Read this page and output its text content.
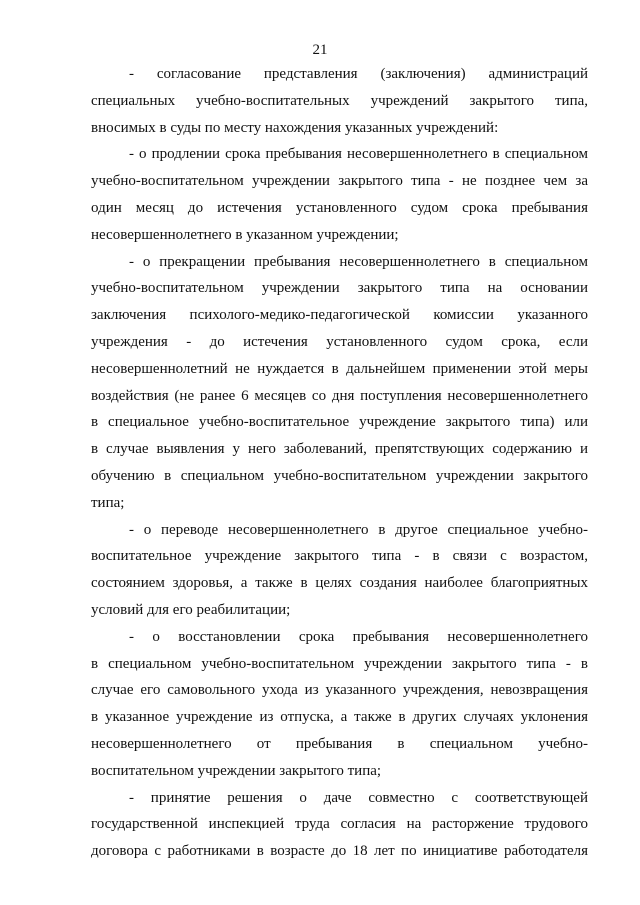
21
- согласование представления (заключения) администраций
специальных учебно-воспитательных учреждений закрытого типа,
вносимых в суды по месту нахождения указанных учреждений:
- о продлении срока пребывания несовершеннолетнего в специальном
учебно-воспитательном учреждении закрытого типа - не позднее чем за
один месяц до истечения установленного судом срока пребывания
несовершеннолетнего в указанном учреждении;
- о прекращении пребывания несовершеннолетнего в специальном
учебно-воспитательном учреждении закрытого типа на основании
заключения психолого-медико-педагогической комиссии указанного
учреждения - до истечения установленного судом срока, если
несовершеннолетний не нуждается в дальнейшем применении этой меры
воздействия (не ранее 6 месяцев со дня поступления несовершеннолетнего
в специальное учебно-воспитательное учреждение закрытого типа) или
в случае выявления у него заболеваний, препятствующих содержанию и
обучению в специальном учебно-воспитательном учреждении закрытого
типа;
- о переводе несовершеннолетнего в другое специальное учебно-
воспитательное учреждение закрытого типа - в связи с возрастом,
состоянием здоровья, а также в целях создания наиболее благоприятных
условий для его реабилитации;
- о восстановлении срока пребывания несовершеннолетнего
в специальном учебно-воспитательном учреждении закрытого типа - в
случае его самовольного ухода из указанного учреждения, невозвращения
в указанное учреждение из отпуска, а также в других случаях уклонения
несовершеннолетнего от пребывания в специальном учебно-
воспитательном учреждении закрытого типа;
- принятие решения о даче совместно с соответствующей
государственной инспекцией труда согласия на расторжение трудового
договора с работниками в возрасте до 18 лет по инициативе работодателя
